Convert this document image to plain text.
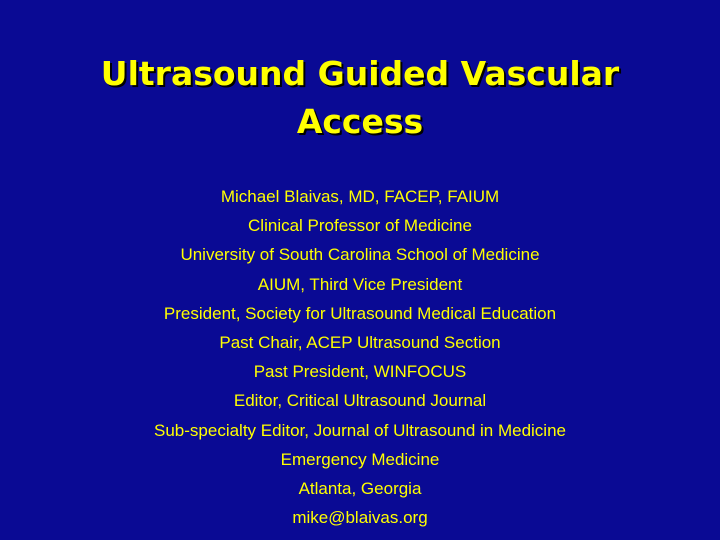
Ultrasound Guided Vascular Access
Michael Blaivas, MD, FACEP, FAIUM
Clinical Professor of Medicine
University of South Carolina School of Medicine
AIUM, Third Vice President
President, Society for Ultrasound Medical Education
Past Chair, ACEP Ultrasound Section
Past President, WINFOCUS
Editor, Critical Ultrasound Journal
Sub-specialty Editor, Journal of Ultrasound in Medicine
Emergency Medicine
Atlanta, Georgia
mike@blaivas.org
